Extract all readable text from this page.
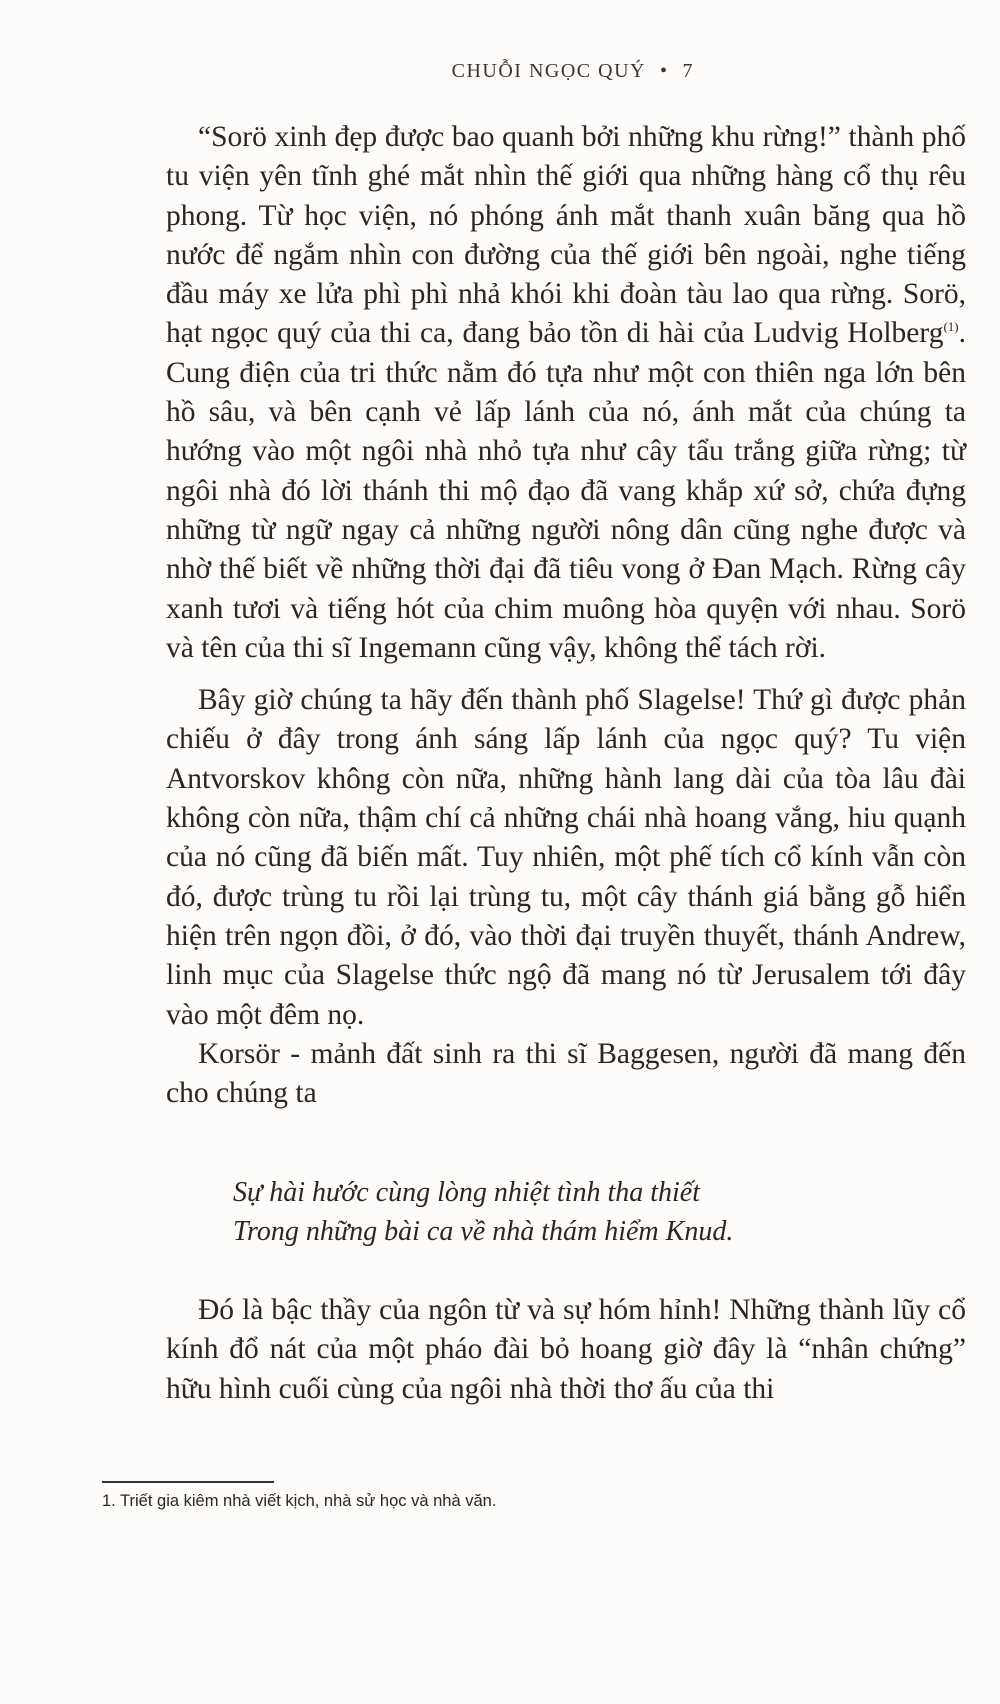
CHUỖI NGỌC QUÝ • 7

“Sorö xinh đẹp được bao quanh bởi những khu rừng!” thành phố tu viện yên tĩnh ghé mắt nhìn thế giới qua những hàng cổ thụ rêu phong. Từ học viện, nó phóng ánh mắt thanh xuân băng qua hồ nước để ngắm nhìn con đường của thế giới bên ngoài, nghe tiếng đầu máy xe lửa phì phì nhả khói khi đoàn tàu lao qua rừng. Sorö, hạt ngọc quý của thi ca, đang bảo tồn di hài của Ludvig Holberg$^{(1)}$. Cung điện của tri thức nằm đó tựa như một con thiên nga lớn bên hồ sâu, và bên cạnh vẻ lấp lánh của nó, ánh mắt của chúng ta hướng vào một ngôi nhà nhỏ tựa như cây tẩu trắng giữa rừng; từ ngôi nhà đó lời thánh thi mộ đạo đã vang khắp xứ sở, chứa đựng những từ ngữ ngay cả những người nông dân cũng nghe được và nhờ thế biết về những thời đại đã tiêu vong ở Đan Mạch. Rừng cây xanh tươi và tiếng hót của chim muông hòa quyện với nhau. Sorö và tên của thi sĩ Ingemann cũng vậy, không thể tách rời.

Bây giờ chúng ta hãy đến thành phố Slagelse! Thứ gì được phản chiếu ở đây trong ánh sáng lấp lánh của ngọc quý? Tu viện Antvorskov không còn nữa, những hành lang dài của tòa lâu đài không còn nữa, thậm chí cả những chái nhà hoang vắng, hiu quạnh của nó cũng đã biến mất. Tuy nhiên, một phế tích cổ kính vẫn còn đó, được trùng tu rồi lại trùng tu, một cây thánh giá bằng gỗ hiển hiện trên ngọn đồi, ở đó, vào thời đại truyền thuyết, thánh Andrew, linh mục của Slagelse thức ngộ đã mang nó từ Jerusalem tới đây vào một đêm nọ.

Korsör - mảnh đất sinh ra thi sĩ Baggesen, người đã mang đến cho chúng ta

Sự hài hước cùng lòng nhiệt tình tha thiết
Trong những bài ca về nhà thám hiểm Knud.

Đó là bậc thầy của ngôn từ và sự hóm hỉnh! Những thành lũy cổ kính đổ nát của một pháo đài bỏ hoang giờ đây là “nhân chứng” hữu hình cuối cùng của ngôi nhà thời thơ ấu của thi

1. Triết gia kiêm nhà viết kịch, nhà sử học và nhà văn.
